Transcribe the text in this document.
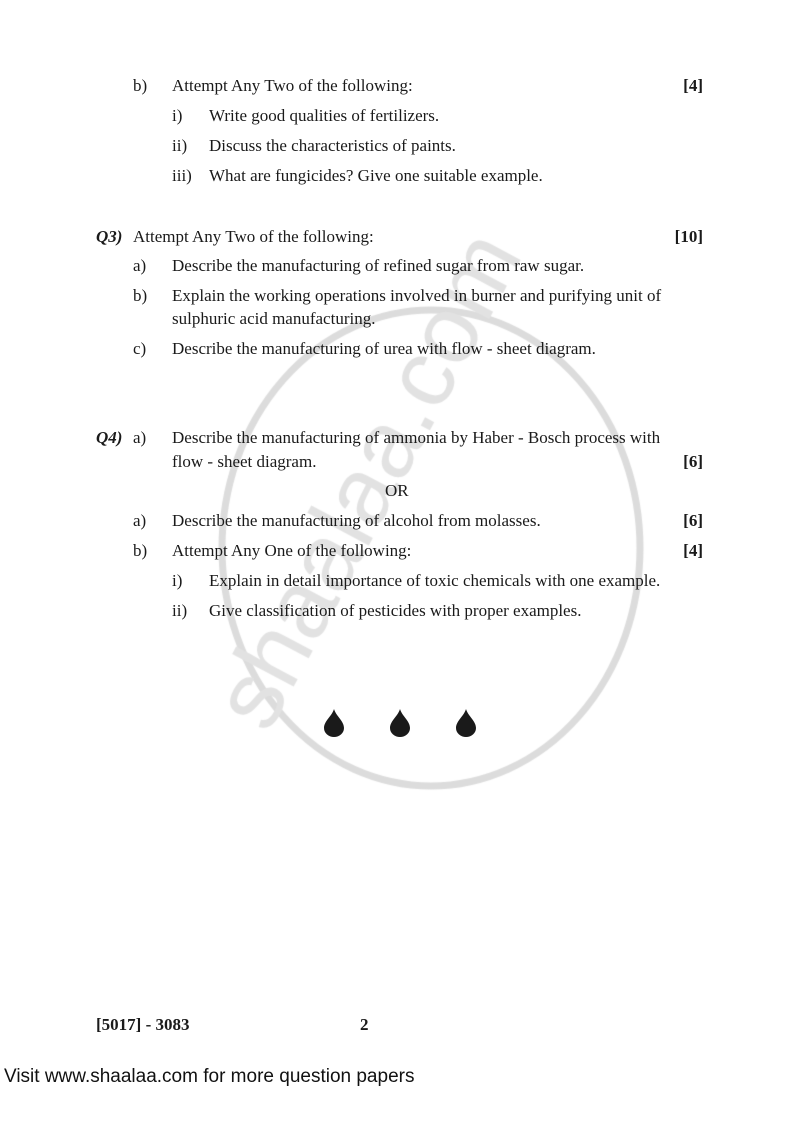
b)	Attempt Any Two of the following:	[4]
i)	Write good qualities of fertilizers.
ii)	Discuss the characteristics of paints.
iii)	What are fungicides? Give one suitable example.
Q3) Attempt Any Two of the following:	[10]
a)	Describe the manufacturing of refined sugar from raw sugar.
b)	Explain the working operations involved in burner and purifying unit of
sulphuric acid manufacturing.
c)	Describe the manufacturing of urea with flow - sheet diagram.
Q4) a)	Describe the manufacturing of ammonia by Haber - Bosch process with
flow - sheet diagram.	[6]
OR
a)	Describe the manufacturing of alcohol from molasses.	[6]
b)	Attempt Any One of the following:	[4]
i)	Explain in detail importance of toxic chemicals with one example.
ii)	Give classification of pesticides with proper examples.
[5017] - 3083	2
Visit www.shaalaa.com for more question papers
